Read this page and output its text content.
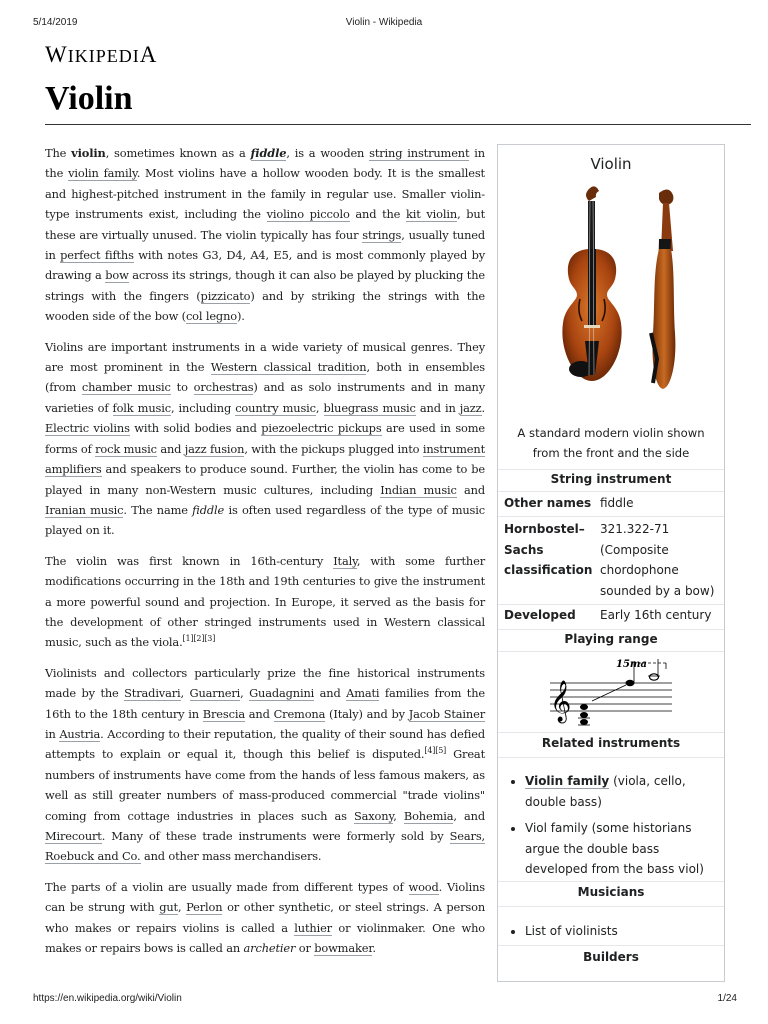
5/14/2019	Violin - Wikipedia
WIKIPEDIA
Violin

The violin, sometimes known as a fiddle, is a wooden string instrument in the violin family. Most violins have a hollow wooden body. It is the smallest and highest-pitched instrument in the family in regular use. Smaller violin-type instruments exist, including the violino piccolo and the kit violin, but these are virtually unused. The violin typically has four strings, usually tuned in perfect fifths with notes G3, D4, A4, E5, and is most commonly played by drawing a bow across its strings, though it can also be played by plucking the strings with the fingers (pizzicato) and by striking the strings with the wooden side of the bow (col legno).

Violins are important instruments in a wide variety of musical genres. They are most prominent in the Western classical tradition, both in ensembles (from chamber music to orchestras) and as solo instruments and in many varieties of folk music, including country music, bluegrass music and in jazz. Electric violins with solid bodies and piezoelectric pickups are used in some forms of rock music and jazz fusion, with the pickups plugged into instrument amplifiers and speakers to produce sound. Further, the violin has come to be played in many non-Western music cultures, including Indian music and Iranian music. The name fiddle is often used regardless of the type of music played on it.

The violin was first known in 16th-century Italy, with some further modifications occurring in the 18th and 19th centuries to give the instrument a more powerful sound and projection. In Europe, it served as the basis for the development of other stringed instruments used in Western classical music, such as the viola.[1][2][3]

Violinists and collectors particularly prize the fine historical instruments made by the Stradivari, Guarneri, Guadagnini and Amati families from the 16th to the 18th century in Brescia and Cremona (Italy) and by Jacob Stainer in Austria. According to their reputation, the quality of their sound has defied attempts to explain or equal it, though this belief is disputed.[4][5] Great numbers of instruments have come from the hands of less famous makers, as well as still greater numbers of mass-produced commercial "trade violins" coming from cottage industries in places such as Saxony, Bohemia, and Mirecourt. Many of these trade instruments were formerly sold by Sears, Roebuck and Co. and other mass merchandisers.

The parts of a violin are usually made from different types of wood. Violins can be strung with gut, Perlon or other synthetic, or steel strings. A person who makes or repairs violins is called a luthier or violinmaker. One who makes or repairs bows is called an archetier or bowmaker.

Violin
A standard modern violin shown from the front and the side
String instrument
Other names fiddle
Hornbostel–
Sachs
classification
321.322-71
(Composite
chordophone
sounded by a bow)
Developed Early 16th century
Playing range
15ma
𝄞
Related instruments
• Violin family (viola, cello, double bass)
• Viol family (some historians argue the double bass developed from the bass viol)
Musicians
• List of violinists
Builders
https://en.wikipedia.org/wiki/Violin	1/24
